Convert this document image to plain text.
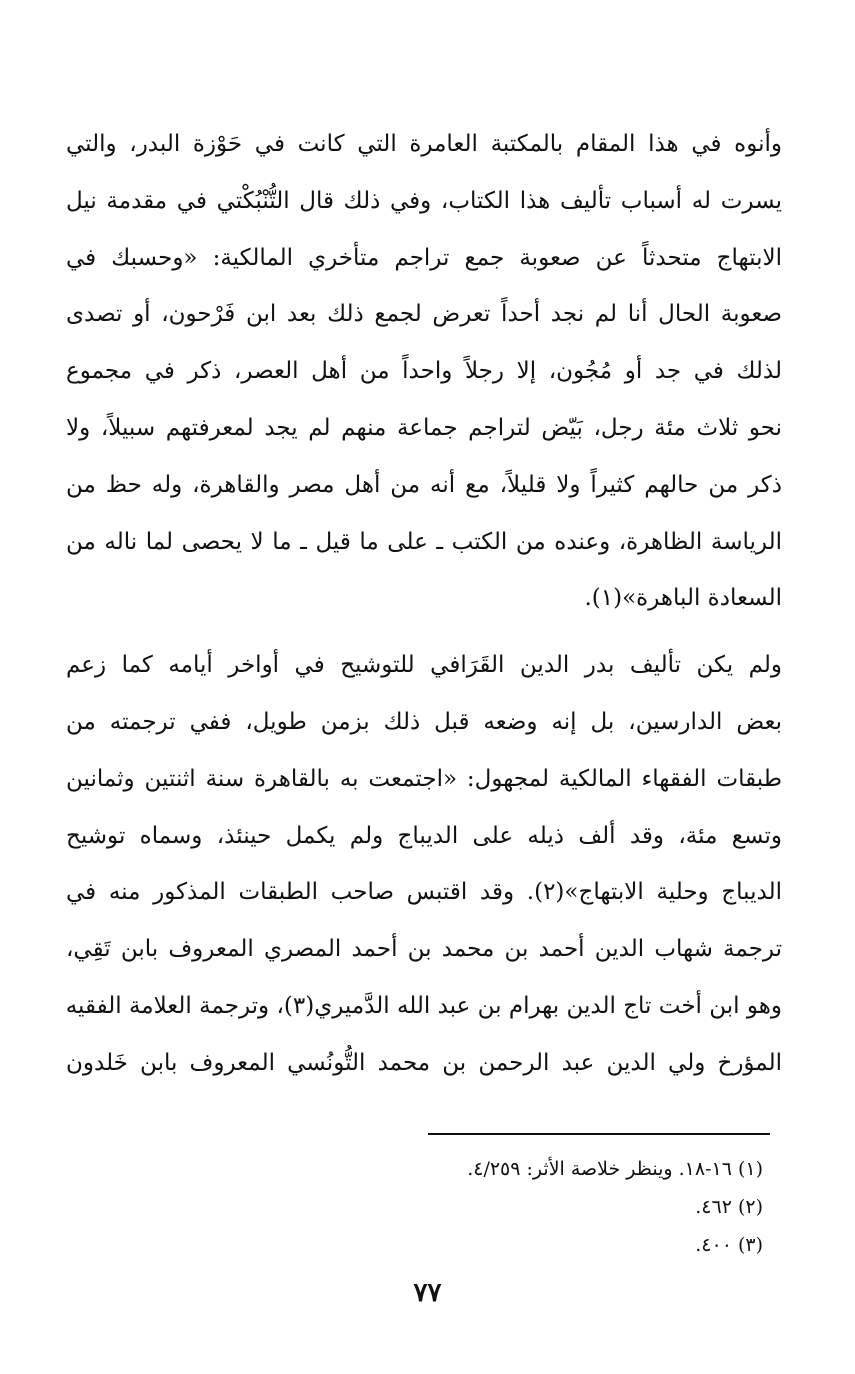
وأنوه في هذا المقام بالمكتبة العامرة التي كانت في حَوْزة البدر، والتي
يسرت له أسباب تأليف هذا الكتاب، وفي ذلك قال التُّنْبُكْتي في مقدمة نيل
الابتهاج متحدثاً عن صعوبة جمع تراجم متأخري المالكية: «وحسبك في
صعوبة الحال أنا لم نجد أحداً تعرض لجمع ذلك بعد ابن فَرْحون، أو تصدى
لذلك في جد أو مُجُون، إلا رجلاً واحداً من أهل العصر، ذكر في مجموع
نحو ثلاث مئة رجل، بَيّض لتراجم جماعة منهم لم يجد لمعرفتهم سبيلاً، ولا
ذكر من حالهم كثيراً ولا قليلاً، مع أنه من أهل مصر والقاهرة، وله حظ من
الرياسة الظاهرة، وعنده من الكتب ـ على ما قيل ـ ما لا يحصى لما ناله من
السعادة الباهرة»(١).
ولم يكن تأليف بدر الدين القَرَافي للتوشيح في أواخر أيامه كما زعم
بعض الدارسين، بل إنه وضعه قبل ذلك بزمن طويل، ففي ترجمته من
طبقات الفقهاء المالكية لمجهول: «اجتمعت به بالقاهرة سنة اثنتين وثمانين
وتسع مئة، وقد ألف ذيله على الديباج ولم يكمل حينئذ، وسماه توشيح
الديباج وحلية الابتهاج»(٢). وقد اقتبس صاحب الطبقات المذكور منه في
ترجمة شهاب الدين أحمد بن محمد بن أحمد المصري المعروف بابن تَقِي،
وهو ابن أخت تاج الدين بهرام بن عبد الله الدَّميري(٣)، وترجمة العلامة الفقيه
المؤرخ ولي الدين عبد الرحمن بن محمد التُّونُسي المعروف بابن خَلدون
(١) ١٦-١٨. وينظر خلاصة الأثر: ٤/٢٥٩.
(٢) ٤٦٢.
(٣) ٤٠٠.
٧٧
